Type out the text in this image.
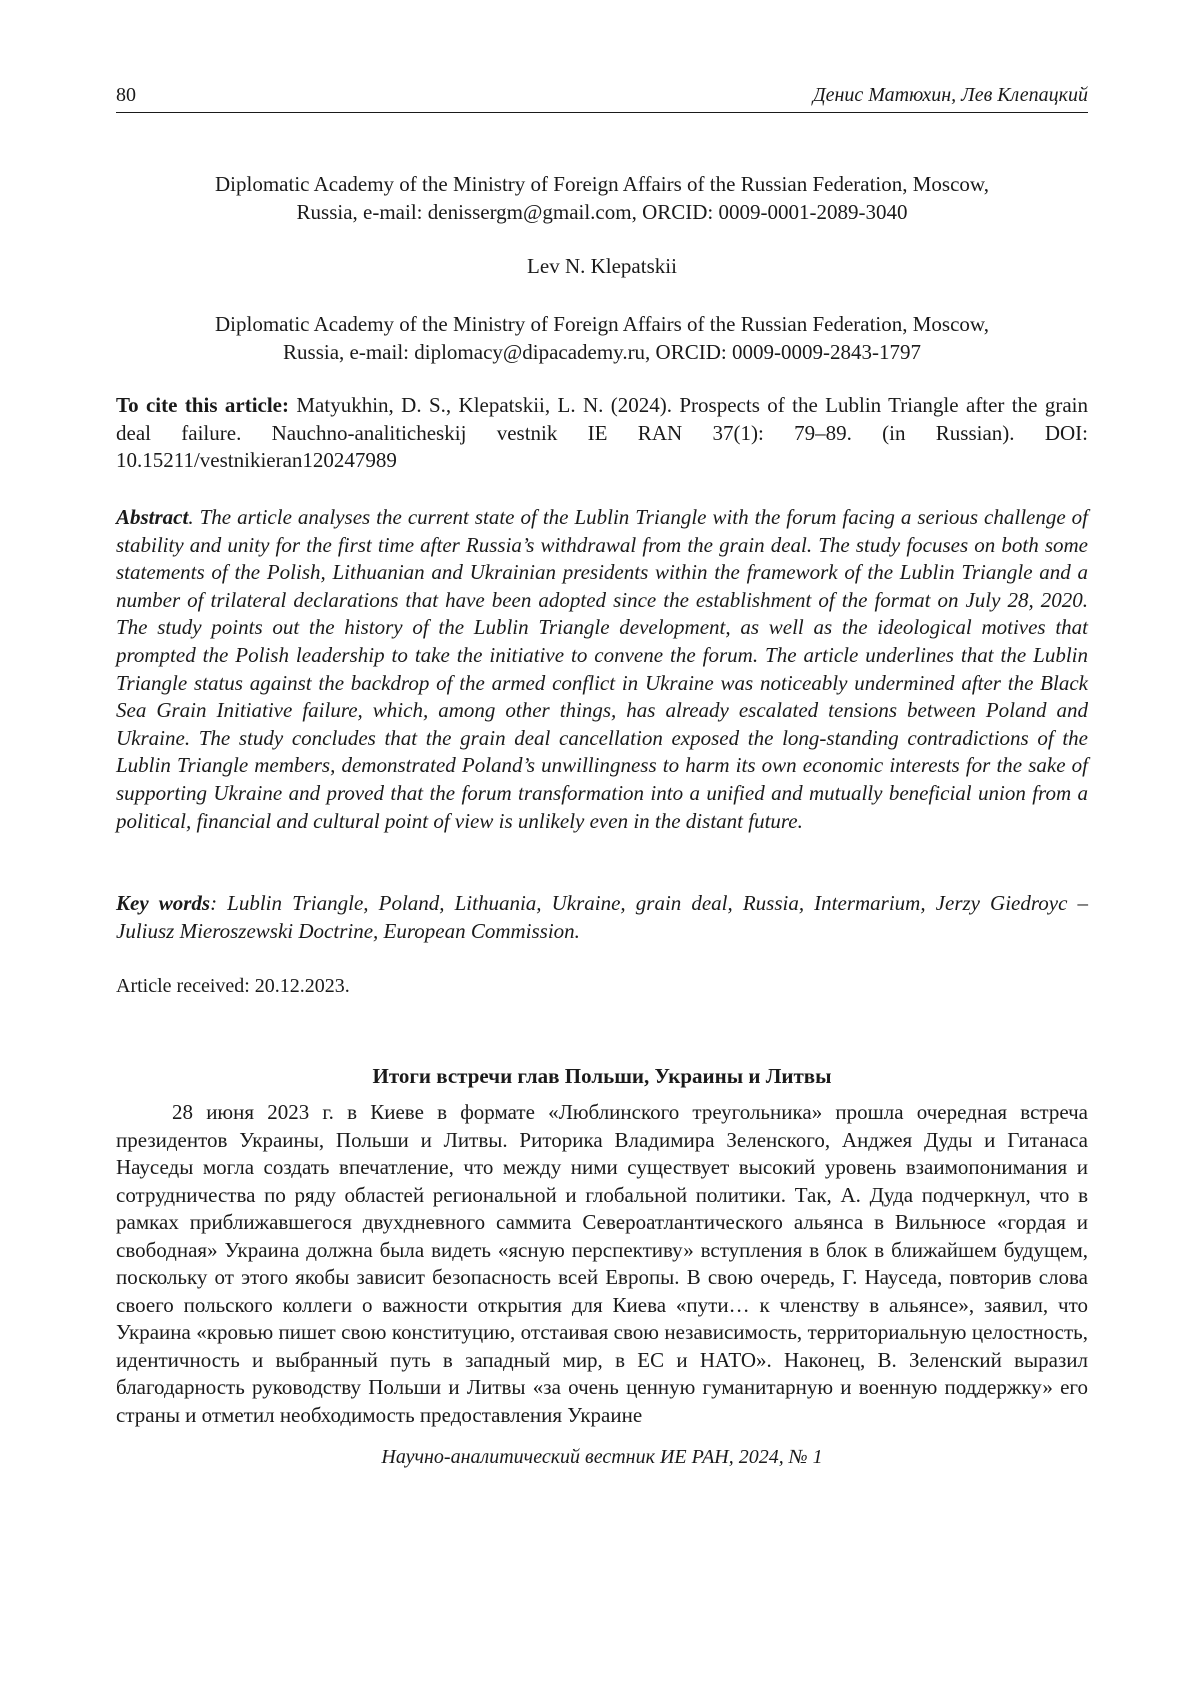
80	Денис Матюхин, Лев Клепацкий

Diplomatic Academy of the Ministry of Foreign Affairs of the Russian Federation, Moscow,

Russia, e-mail: denissergm@gmail.com, ORCID: 0009-0001-2089-3040

Lev N. Klepatskii

Diplomatic Academy of the Ministry of Foreign Affairs of the Russian Federation, Moscow,

Russia, e-mail: diplomacy@dipacademy.ru, ORCID: 0009-0009-2843-1797

To cite this article: Matyukhin, D. S., Klepatskii, L. N. (2024). Prospects of the Lublin Triangle after the grain deal failure. Nauchno-analiticheskij vestnik IE RAN 37(1): 79–89. (in Russian). DOI: 10.15211/vestnikieran120247989

Abstract. The article analyses the current state of the Lublin Triangle with the forum facing a serious challenge of stability and unity for the first time after Russia’s withdrawal from the grain deal. The study focuses on both some statements of the Polish, Lithuanian and Ukrainian presidents within the framework of the Lublin Triangle and a number of trilateral declarations that have been adopted since the establishment of the format on July 28, 2020. The study points out the history of the Lublin Triangle development, as well as the ideological motives that prompted the Polish leadership to take the initiative to convene the forum. The article underlines that the Lublin Triangle status against the backdrop of the armed conflict in Ukraine was noticeably undermined after the Black Sea Grain Initiative failure, which, among other things, has already escalated tensions between Poland and Ukraine. The study concludes that the grain deal cancellation exposed the long-standing contradictions of the Lublin Triangle members, demonstrated Poland’s unwillingness to harm its own economic interests for the sake of supporting Ukraine and proved that the forum transformation into a unified and mutually beneficial union from a political, financial and cultural point of view is unlikely even in the distant future.

Key words: Lublin Triangle, Poland, Lithuania, Ukraine, grain deal, Russia, Intermarium, Jerzy Giedroyc – Juliusz Mieroszewski Doctrine, European Commission.

Article received: 20.12.2023.

Итоги встречи глав Польши, Украины и Литвы

28 июня 2023 г. в Киеве в формате «Люблинского треугольника» прошла очередная встреча президентов Украины, Польши и Литвы. Риторика Владимира Зеленского, Анджея Дуды и Гитанаса Науседы могла создать впечатление, что между ними существует высокий уровень взаимопонимания и сотрудничества по ряду областей региональной и глобальной политики. Так, А. Дуда подчеркнул, что в рамках приближавшегося двухдневного саммита Североатлантического альянса в Вильнюсе «гордая и свободная» Украина должна была видеть «ясную перспективу» вступления в блок в ближайшем будущем, поскольку от этого якобы зависит безопасность всей Европы. В свою очередь, Г. Науседа, повторив слова своего польского коллеги о важности открытия для Киева «пути… к членству в альянсе», заявил, что Украина «кровью пишет свою конституцию, отстаивая свою независимость, территориальную целостность, идентичность и выбранный путь в западный мир, в ЕС и НАТО». Наконец, В. Зеленский выразил благодарность руководству Польши и Литвы «за очень ценную гуманитарную и военную поддержку» его страны и отметил необходимость предоставления Украине

Научно-аналитический вестник ИЕ РАН, 2024, № 1
